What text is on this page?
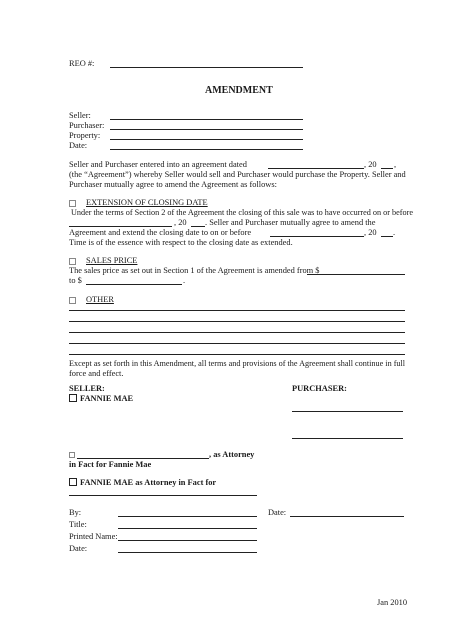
REO #:
AMENDMENT
Seller:
Purchaser:
Property:
Date:
Seller and Purchaser entered into an agreement dated	, 20 ,
(the “Agreement”) whereby Seller would sell and Purchaser would purchase the Property. Seller and
Purchaser mutually agree to amend the Agreement as follows:
EXTENSION OF CLOSING DATE
Under the terms of Section 2 of the Agreement the closing of this sale was to have occurred on or before
, 20 . Seller and Purchaser mutually agree to amend the
Agreement and extend the closing date to on or before	, 20 .
Time is of the essence with respect to the closing date as extended.
SALES PRICE
The sales price as set out in Section 1 of the Agreement is amended from $
to $	.
OTHER
Except as set forth in this Amendment, all terms and provisions of the Agreement shall continue in full
force and effect.
SELLER:
FANNIE MAE
PURCHASER:
, as Attorney
in Fact for Fannie Mae
FANNIE MAE as Attorney in Fact for
By:
Title:
Printed Name:
Date:
Date:
Jan 2010
